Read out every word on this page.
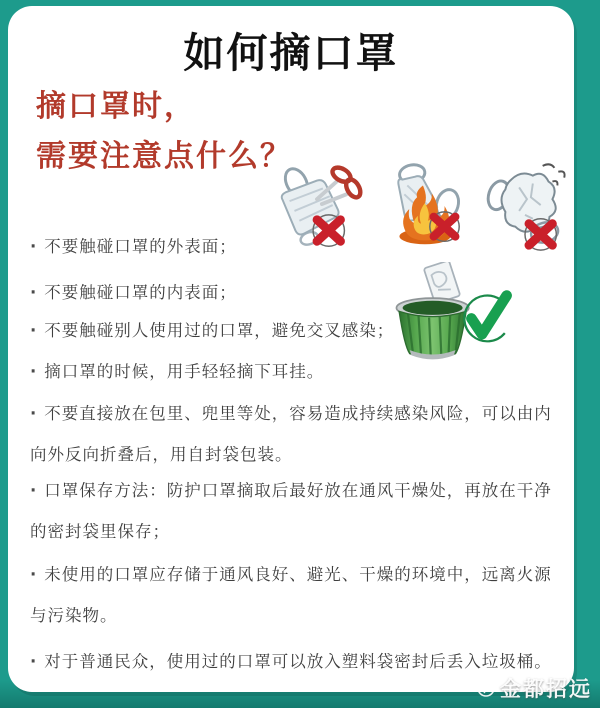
如何摘口罩
摘口罩时，
需要注意点什么？
· 不要触碰口罩的外表面；
· 不要触碰口罩的内表面；
· 不要触碰别人使用过的口罩，避免交叉感染；
· 摘口罩的时候，用手轻轻摘下耳挂。
· 不要直接放在包里、兜里等处，容易造成持续感染风险，可以由内向外反向折叠后，用自封袋包装。
· 口罩保存方法：防护口罩摘取后最好放在通风干燥处，再放在干净的密封袋里保存；
· 未使用的口罩应存储于通风良好、避光、干燥的环境中，远离火源与污染物。
· 对于普通民众，使用过的口罩可以放入塑料袋密封后丢入垃圾桶。
金都招远
